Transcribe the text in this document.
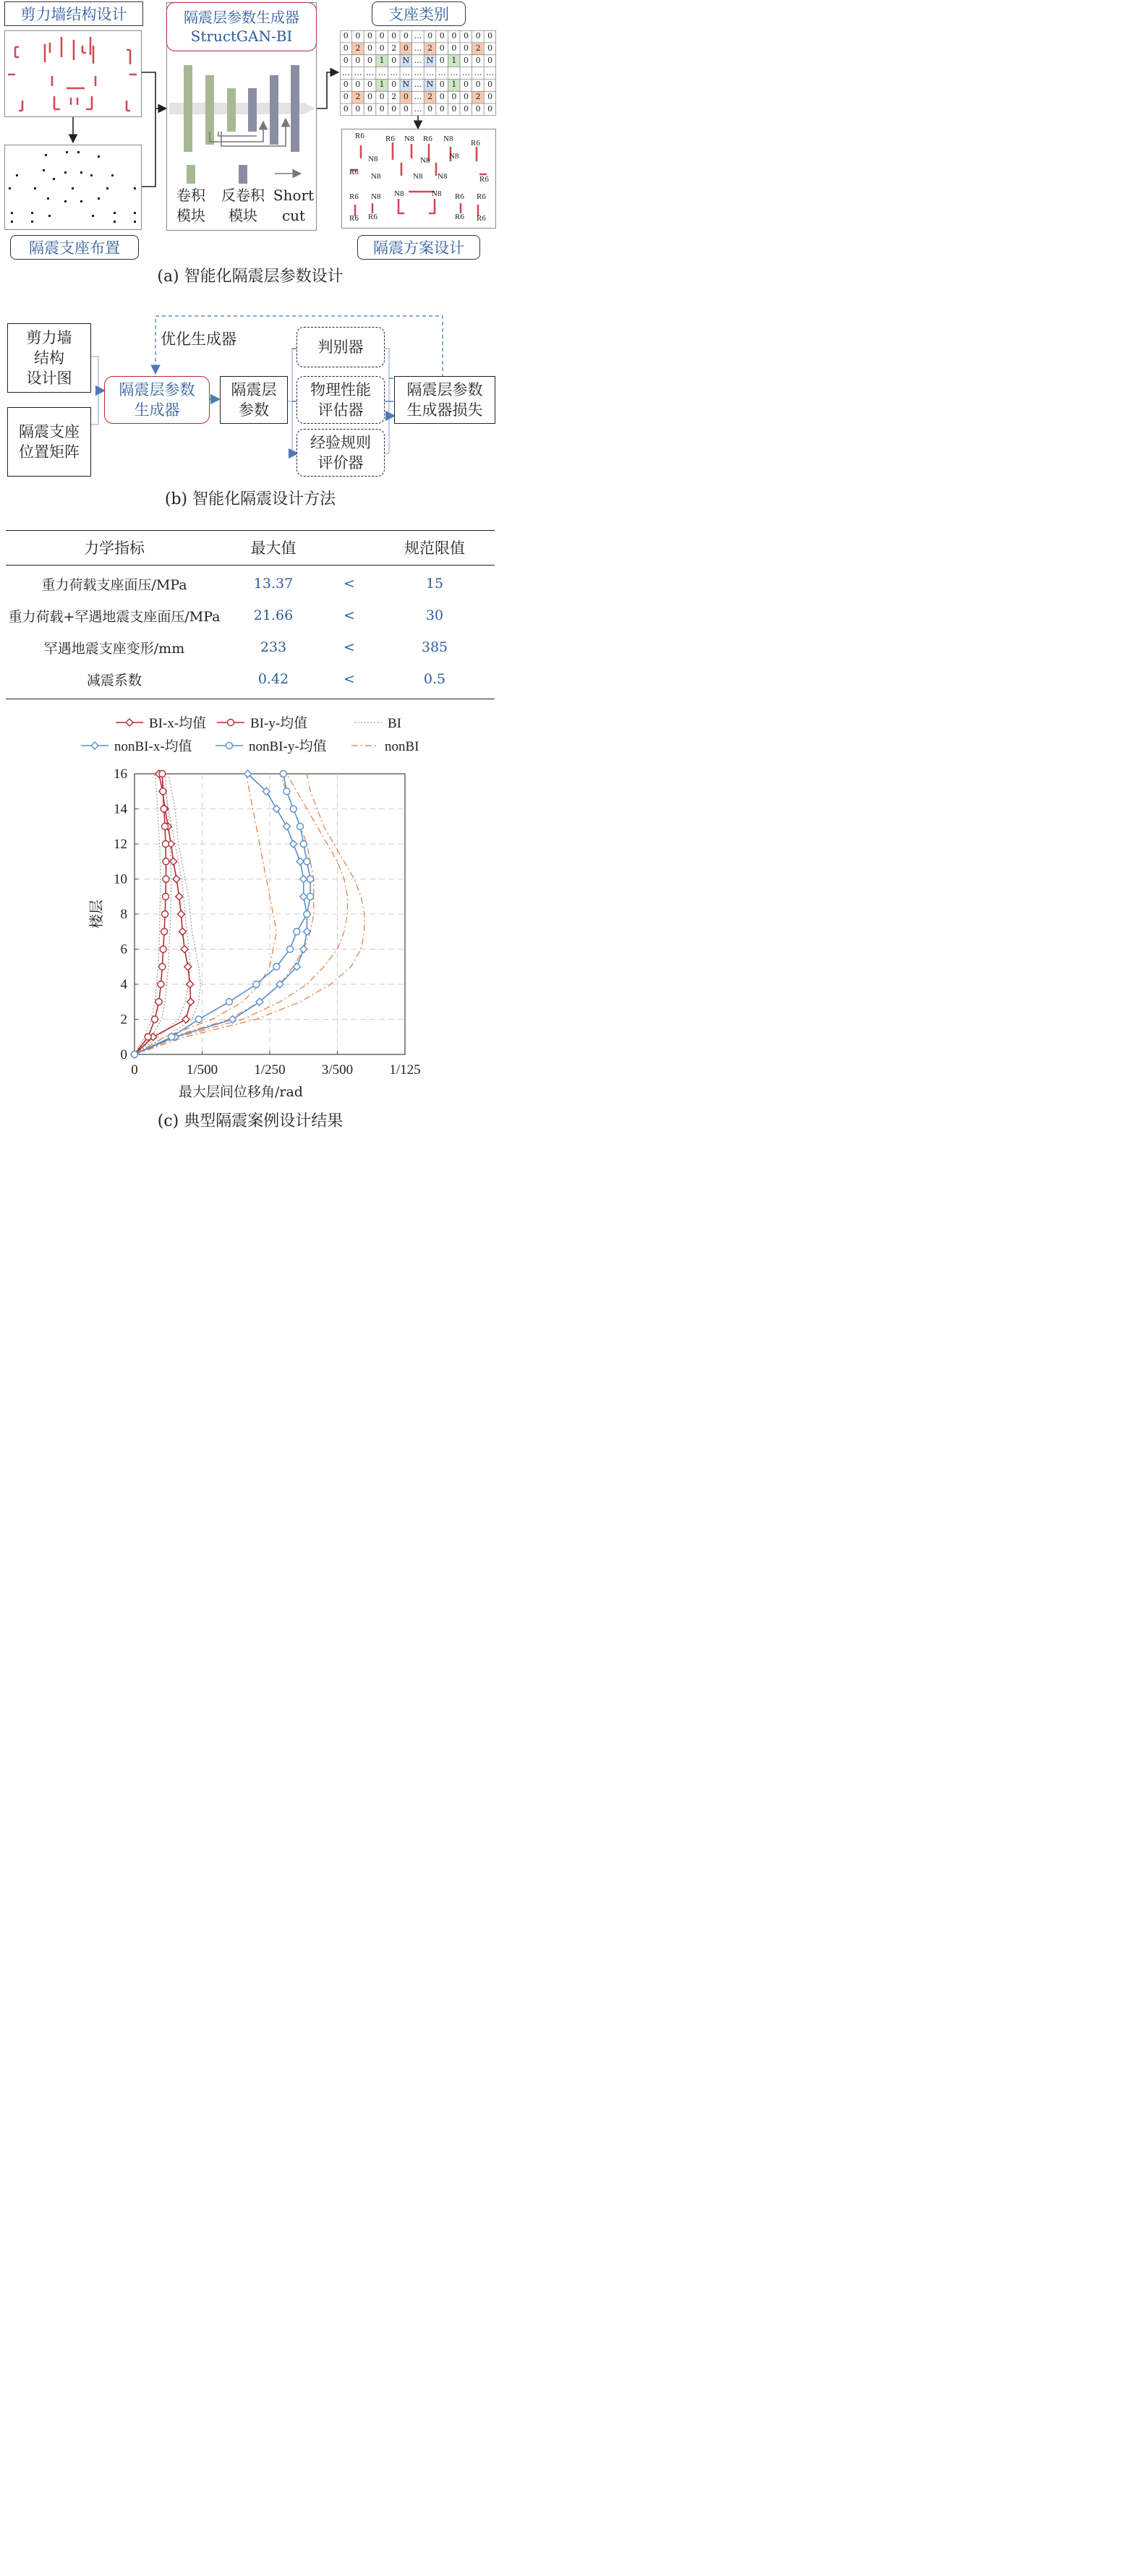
剪力墙结构设计
隔震支座布置
隔震层参数生成器
StructGAN-BI
卷积
模块
反卷积
模块
Short
cut
支座类别
0 0 0 0 0 0 … 0 0 0 0 0 0
0 2 0 0 2 0 … 2 0 0 0 2 0
0 0 0 1 0 N … N 0 1 0 0 0
… … … … … … … … … … … … …
0 0 0 1 0 N … N 0 1 0 0 0
0 2 0 0 2 0 … 2 0 0 0 2 0
0 0 0 0 0 0 … 0 0 0 0 0 0
R6	R6 N8 R6 N8 R6
N8	N8 N8
R6 N8	N8 N8	R6
R6 N8 N8	N8 R6 R6
R6 R6	R6 R6
隔震方案设计
(a) 智能化隔震层参数设计
优化生成器
剪力墙
结构
设计图
隔震支座
位置矩阵
隔震层参数
生成器
隔震层
参数
判别器
物理性能
评估器
经验规则
评价器
隔震层参数
生成器损失
(b) 智能化隔震设计方法
力学指标	最大值		规范限值

重力荷载支座面压/MPa	13.37	<	15
重力荷载+罕遇地震支座面压/MPa	21.66	<	30
罕遇地震支座变形/mm	233	<	385
减震系数	0.42	<	0.5
0	1/500	1/250	3/500	1/125
0
2
4
6
8
10
12
14
16
最大层间位移角/rad
楼层
BI-x-均值	BI-y-均值	BI
nonBI-x-均值	nonBI-y-均值	nonBI
(c) 典型隔震案例设计结果
